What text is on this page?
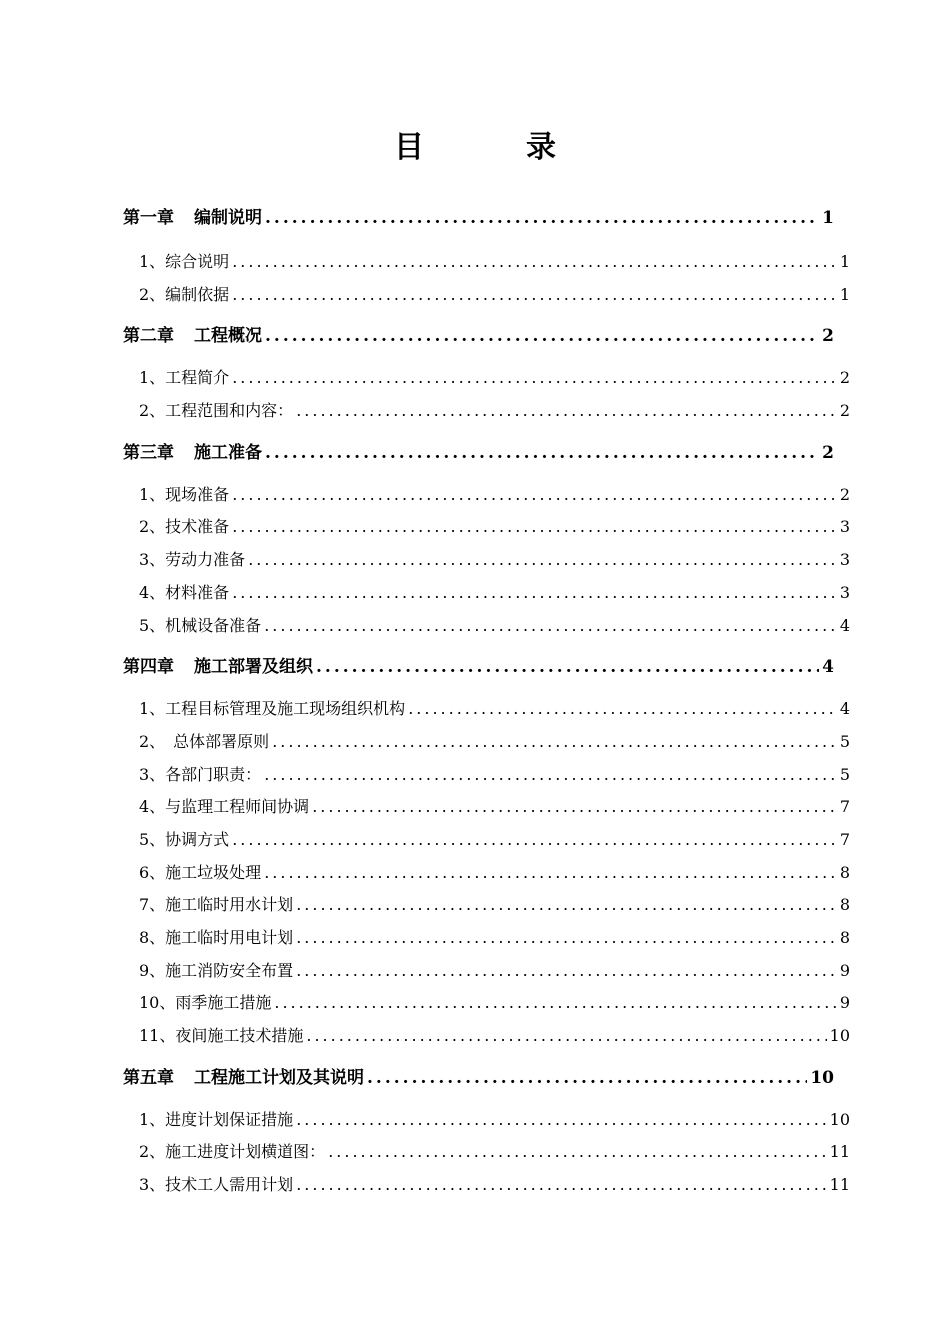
目　录
第一章 编制说明 .....	1
1、综合说明 .....	1
2、编制依据 .....	1
第二章 工程概况 .....	2
1、工程简介 .....	2
2、工程范围和内容： .....	2
第三章 施工准备 .....	2
1、现场准备 .....	2
2、技术准备 .....	3
3、劳动力准备 .....	3
4、材料准备 .....	3
5、机械设备准备 .....	4
第四章 施工部署及组织 .....	4
1、工程目标管理及施工现场组织机构 .....	4
2、　总体部署原则 .....	5
3、各部门职责： .....	5
4、与监理工程师间协调 .....	7
5、协调方式 .....	7
6、施工垃圾处理 .....	8
7、施工临时用水计划 .....	8
8、施工临时用电计划 .....	8
9、施工消防安全布置 .....	9
10、雨季施工措施 .....	9
11、夜间施工技术措施 .....	10
第五章 工程施工计划及其说明 .....	10
1、进度计划保证措施 .....	10
2、施工进度计划横道图： .....	11
3、技术工人需用计划 .....	11
